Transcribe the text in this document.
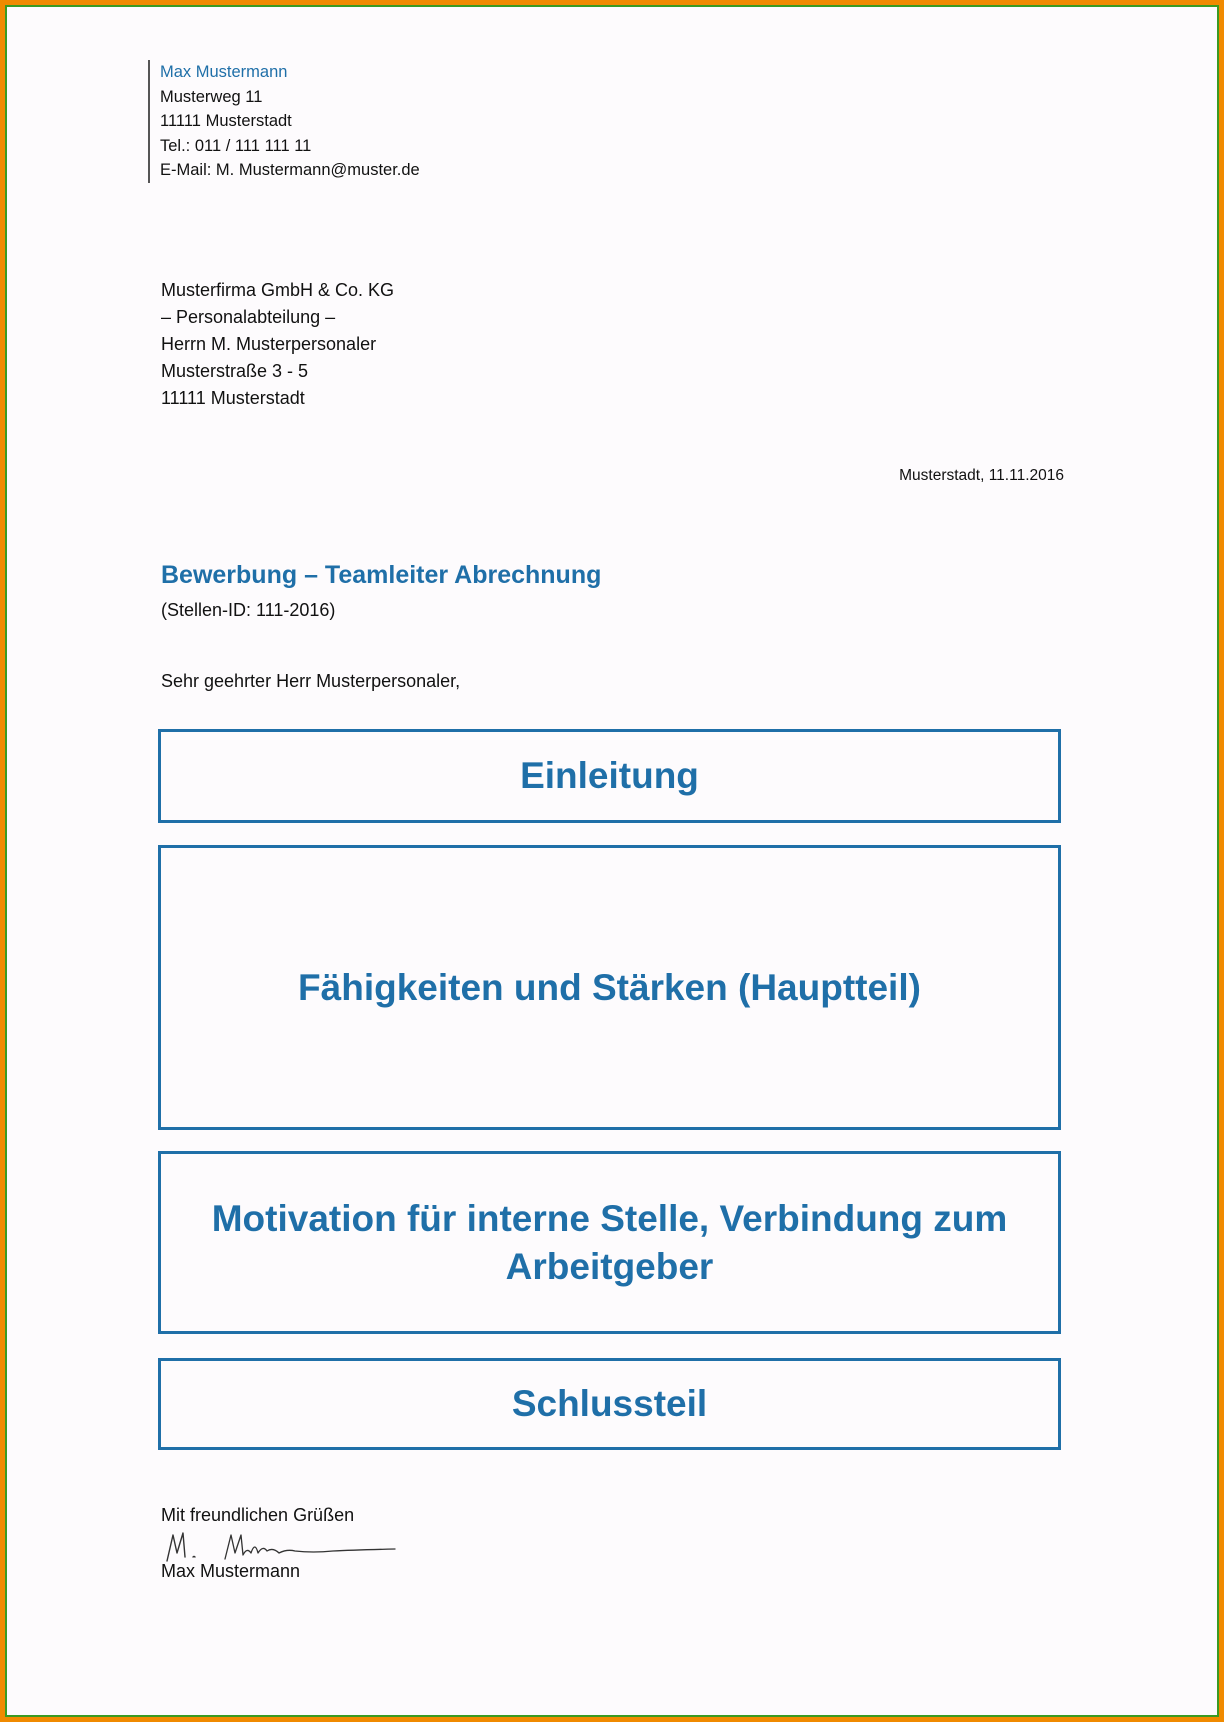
Max Mustermann
Musterweg 11
11111 Musterstadt
Tel.: 011 / 111 111 11
E-Mail: M. Mustermann@muster.de
Musterfirma GmbH & Co. KG
– Personalabteilung –
Herrn M. Musterpersonaler
Musterstraße 3 - 5
11111 Musterstadt
Musterstadt, 11.11.2016
Bewerbung – Teamleiter Abrechnung
(Stellen-ID: 111-2016)
Sehr geehrter Herr Musterpersonaler,
Einleitung
Fähigkeiten und Stärken (Hauptteil)
Motivation für interne Stelle, Verbindung zum Arbeitgeber
Schlussteil
Mit freundlichen Grüßen
Max Mustermann
